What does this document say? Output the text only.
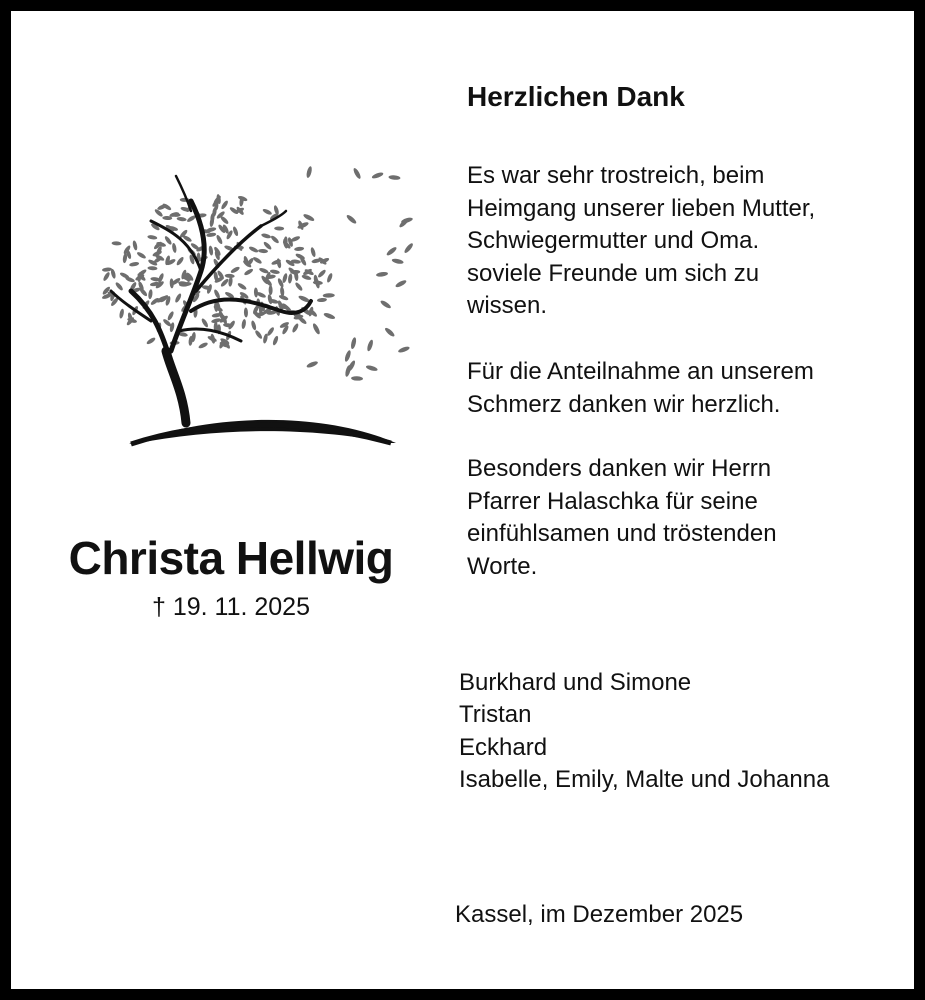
Herzlichen Dank
Es war sehr trostreich, beim
Heimgang unserer lieben Mutter,
Schwiegermutter und Oma.
soviele Freunde um sich zu
wissen.
Für die Anteilnahme an unserem
Schmerz danken wir herzlich.
Besonders danken wir Herrn
Pfarrer Halaschka für seine
einfühlsamen und tröstenden
Worte.
Christa Hellwig
† 19. 11. 2025
Burkhard und Simone
Tristan
Eckhard
Isabelle, Emily, Malte und Johanna
Kassel, im Dezember 2025
